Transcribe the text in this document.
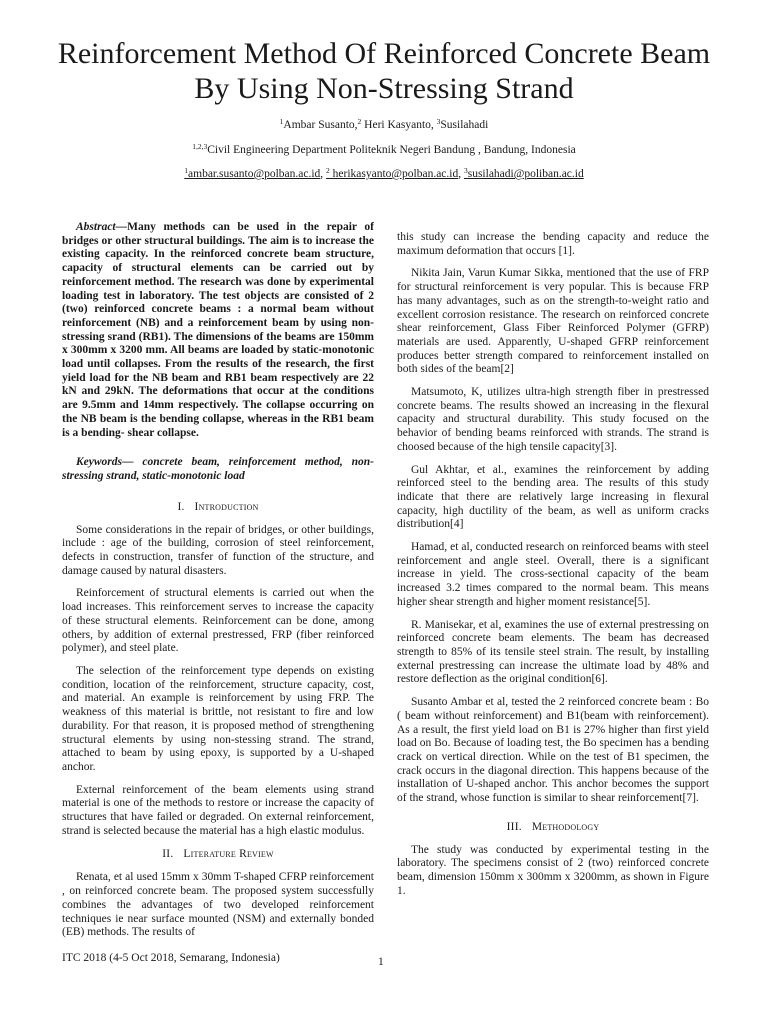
Reinforcement Method Of Reinforced Concrete Beam By Using Non-Stressing Strand
$^1$Ambar Susanto,$^2$ Heri Kasyanto, $^3$Susilahadi
$^{1,2,3}$Civil Engineering Department Politeknik Negeri Bandung , Bandung, Indonesia
$^1$ambar.susanto@polban.ac.id, $^2$ herikasyanto@polban.ac.id, $^3$susilahadi@poliban.ac.id

Abstract—Many methods can be used in the repair of bridges or other structural buildings. The aim is to increase the existing capacity. In the reinforced concrete beam structure, capacity of structural elements can be carried out by reinforcement method. The research was done by experimental loading test in laboratory. The test objects are consisted of 2 (two) reinforced concrete beams : a normal beam without reinforcement (NB) and a reinforcement beam by using non-stressing srand (RB1). The dimensions of the beams are 150mm x 300mm x 3200 mm. All beams are loaded by static-monotonic load until collapses. From the results of the research, the first yield load for the NB beam and RB1 beam respectively are 22 kN and 29kN. The deformations that occur at the conditions are 9.5mm and 14mm respectively. The collapse occurring on the NB beam is the bending collapse, whereas in the RB1 beam is a bending- shear collapse.

Keywords— concrete beam, reinforcement method, non-stressing strand, static-monotonic load

I. Introduction

Some considerations in the repair of bridges, or other buildings, include : age of the building, corrosion of steel reinforcement, defects in construction, transfer of function of the structure, and damage caused by natural disasters.

Reinforcement of structural elements is carried out when the load increases. This reinforcement serves to increase the capacity of these structural elements. Reinforcement can be done, among others, by addition of external prestressed, FRP (fiber reinforced polymer), and steel plate.

The selection of the reinforcement type depends on existing condition, location of the reinforcement, structure capacity, cost, and material. An example is reinforcement by using FRP. The weakness of this material is brittle, not resistant to fire and low durability. For that reason, it is proposed method of strengthening structural elements by using non-stessing strand. The strand, attached to beam by using epoxy, is supported by a U-shaped anchor.

External reinforcement of the beam elements using strand material is one of the methods to restore or increase the capacity of structures that have failed or degraded. On external reinforcement, strand is selected because the material has a high elastic modulus.

II. Literature Review

Renata, et al used 15mm x 30mm T-shaped CFRP reinforcement , on reinforced concrete beam. The proposed system successfully combines the advantages of two developed reinforcement techniques ie near surface mounted (NSM) and externally bonded (EB) methods. The results of

this study can increase the bending capacity and reduce the maximum deformation that occurs [1].

Nikita Jain, Varun Kumar Sikka, mentioned that the use of FRP for structural reinforcement is very popular. This is because FRP has many advantages, such as on the strength-to-weight ratio and excellent corrosion resistance. The research on reinforced concrete shear reinforcement, Glass Fiber Reinforced Polymer (GFRP) materials are used. Apparently, U-shaped GFRP reinforcement produces better strength compared to reinforcement installed on both sides of the beam[2]

Matsumoto, K, utilizes ultra-high strength fiber in prestressed concrete beams. The results showed an increasing in the flexural capacity and structural durability. This study focused on the behavior of bending beams reinforced with strands. The strand is choosed because of the high tensile capacity[3].

Gul Akhtar, et al., examines the reinforcement by adding reinforced steel to the bending area. The results of this study indicate that there are relatively large increasing in flexural capacity, high ductility of the beam, as well as uniform cracks distribution[4]

Hamad, et al, conducted research on reinforced beams with steel reinforcement and angle steel. Overall, there is a significant increase in yield. The cross-sectional capacity of the beam increased 3.2 times compared to the normal beam. This means higher shear strength and higher moment resistance[5].

R. Manisekar, et al, examines the use of external prestressing on reinforced concrete beam elements. The beam has decreased strength to 85% of its tensile steel strain. The result, by installing external prestressing can increase the ultimate load by 48% and restore deflection as the original condition[6].

Susanto Ambar et al, tested the 2 reinforced concrete beam : Bo ( beam without reinforcement) and B1(beam with reinforcement). As a result, the first yield load on B1 is 27% higher than first yield load on Bo. Because of loading test, the Bo specimen has a bending crack on vertical direction. While on the test of B1 specimen, the crack occurs in the diagonal direction. This happens because of the installation of U-shaped anchor. This anchor becomes the support of the strand, whose function is similar to shear reinforcement[7].

III. Methodology

The study was conducted by experimental testing in the laboratory. The specimens consist of 2 (two) reinforced concrete beam, dimension 150mm x 300mm x 3200mm, as shown in Figure 1.

ITC 2018 (4-5 Oct 2018, Semarang, Indonesia)	1
